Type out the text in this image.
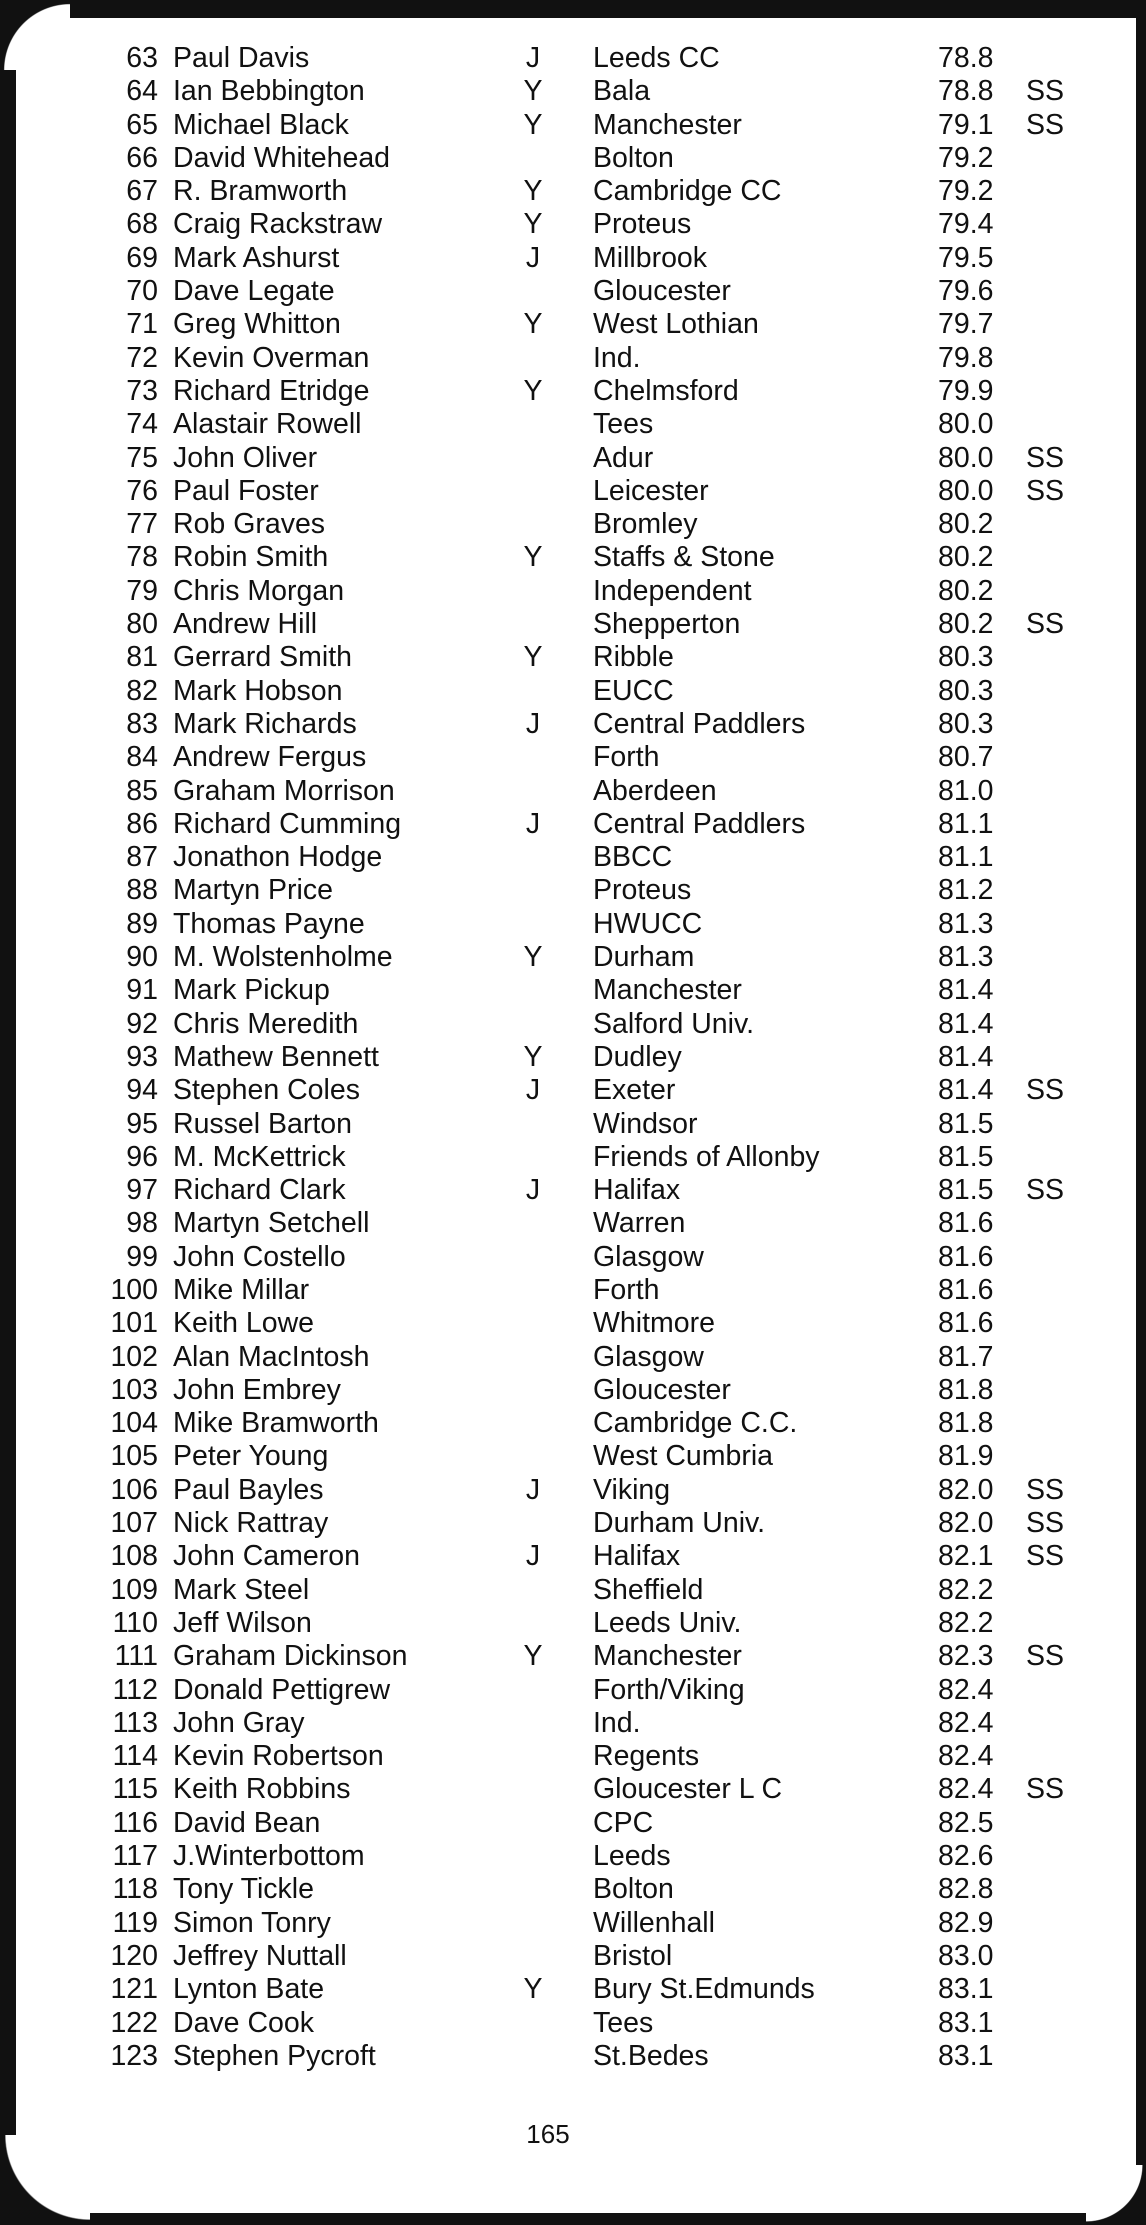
63 Paul Davis	J Leeds CC	78.8
64 Ian Bebbington	Y Bala	78.8 SS
65 Michael Black	Y Manchester	79.1 SS
66 David Whitehead	Bolton	79.2
67 R. Bramworth	Y Cambridge CC	79.2
68 Craig Rackstraw	Y Proteus	79.4
69 Mark Ashurst	J Millbrook	79.5
70 Dave Legate	Gloucester	79.6
71 Greg Whitton	Y West Lothian	79.7
72 Kevin Overman	Ind.	79.8
73 Richard Etridge	Y Chelmsford	79.9
74 Alastair Rowell	Tees	80.0
75 John Oliver	Adur	80.0 SS
76 Paul Foster	Leicester	80.0 SS
77 Rob Graves	Bromley	80.2
78 Robin Smith	Y Staffs & Stone	80.2
79 Chris Morgan	Independent	80.2
80 Andrew Hill	Shepperton	80.2 SS
81 Gerrard Smith	Y Ribble	80.3
82 Mark Hobson	EUCC	80.3
83 Mark Richards	J Central Paddlers	80.3
84 Andrew Fergus	Forth	80.7
85 Graham Morrison	Aberdeen	81.0
86 Richard Cumming	J Central Paddlers	81.1
87 Jonathon Hodge	BBCC	81.1
88 Martyn Price	Proteus	81.2
89 Thomas Payne	HWUCC	81.3
90 M. Wolstenholme	Y Durham	81.3
91 Mark Pickup	Manchester	81.4
92 Chris Meredith	Salford Univ.	81.4
93 Mathew Bennett	Y Dudley	81.4
94 Stephen Coles	J Exeter	81.4 SS
95 Russel Barton	Windsor	81.5
96 M. McKettrick	Friends of Allonby	81.5
97 Richard Clark	J Halifax	81.5 SS
98 Martyn Setchell	Warren	81.6
99 John Costello	Glasgow	81.6
100 Mike Millar	Forth	81.6
101 Keith Lowe	Whitmore	81.6
102 Alan MacIntosh	Glasgow	81.7
103 John Embrey	Gloucester	81.8
104 Mike Bramworth	Cambridge C.C.	81.8
105 Peter Young	West Cumbria	81.9
106 Paul Bayles	J Viking	82.0 SS
107 Nick Rattray	Durham Univ.	82.0 SS
108 John Cameron	J Halifax	82.1 SS
109 Mark Steel	Sheffield	82.2
110 Jeff Wilson	Leeds Univ.	82.2
111 Graham Dickinson	Y Manchester	82.3 SS
112 Donald Pettigrew	Forth/Viking	82.4
113 John Gray	Ind.	82.4
114 Kevin Robertson	Regents	82.4
115 Keith Robbins	Gloucester L C	82.4 SS
116 David Bean	CPC	82.5
117 J.Winterbottom	Leeds	82.6
118 Tony Tickle	Bolton	82.8
119 Simon Tonry	Willenhall	82.9
120 Jeffrey Nuttall	Bristol	83.0
121 Lynton Bate	Y Bury St.Edmunds	83.1
122 Dave Cook	Tees	83.1
123 Stephen Pycroft	St.Bedes	83.1
165
